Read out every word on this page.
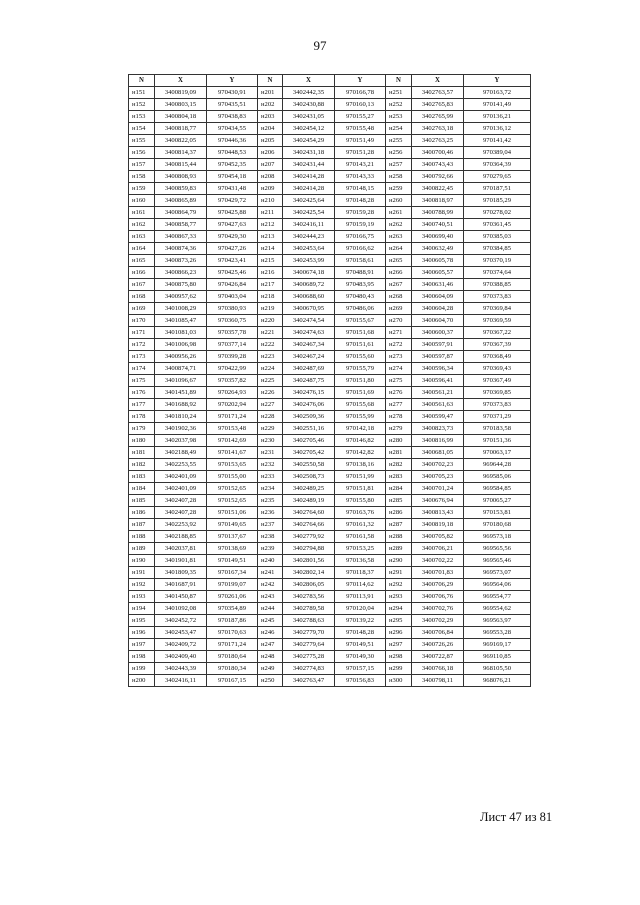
97
N	X	Y	N	X	Y	N	X	Y
н151	3400819,09	970430,91	н201	3402442,35	970166,78	н251	3402763,57	970163,72
н152	3400803,15	970435,51	н202	3402430,88	970160,13	н252	3402765,83	970141,49
н153	3400804,18	970438,83	н203	3402431,05	970155,27	н253	3402765,99	970136,21
н154	3400818,77	970434,55	н204	3402454,12	970155,48	н254	3402763,18	970136,12
н155	3400822,05	970446,36	н205	3402454,29	970151,49	н255	3402763,25	970141,42
н156	3400814,37	970448,53	н206	3402431,18	970151,28	н256	3400700,46	970389,04
н157	3400815,44	970452,35	н207	3402431,44	970143,21	н257	3400743,43	970364,39
н158	3400808,93	970454,18	н208	3402414,28	970143,33	н258	3400792,66	970279,65
н159	3400859,83	970431,48	н209	3402414,28	970148,15	н259	3400822,45	970187,51
н160	3400865,89	970429,72	н210	3402425,64	970148,28	н260	3400818,97	970185,29
н161	3400864,79	970425,88	н211	3402425,54	970159,28	н261	3400788,99	970278,02
н162	3400858,77	970427,63	н212	3402416,11	970159,19	н262	3400740,51	970361,45
н163	3400867,33	970429,30	н213	3402444,23	970166,75	н263	3400699,40	970385,03
н164	3400874,36	970427,26	н214	3402453,64	970166,62	н264	3400632,49	970384,85
н165	3400873,26	970423,41	н215	3402453,99	970158,61	н265	3400605,78	970370,19
н166	3400866,23	970425,46	н216	3400674,18	970488,91	н266	3400605,57	970374,64
н167	3400875,80	970426,84	н217	3400689,72	970483,95	н267	3400631,46	970388,85
н168	3400957,62	970403,04	н218	3400688,60	970480,43	н268	3400604,09	970373,83
н169	3401008,29	970380,93	н219	3400670,95	970486,06	н269	3400604,28	970369,84
н170	3401085,47	970360,75	н220	3402474,54	970155,67	н270	3400604,70	970369,59
н171	3401081,03	970357,78	н221	3402474,63	970151,68	н271	3400600,37	970367,22
н172	3401006,98	970377,14	н222	3402467,34	970151,61	н272	3400597,91	970367,39
н173	3400956,26	970399,28	н223	3402467,24	970155,60	н273	3400597,87	970368,49
н174	3400874,71	970422,99	н224	3402487,69	970155,79	н274	3400596,34	970369,43
н175	3401096,67	970357,82	н225	3402487,75	970151,80	н275	3400596,41	970367,49
н176	3401451,89	970264,93	н226	3402476,15	970151,69	н276	3400561,21	970369,85
н177	3401688,92	970202,94	н227	3402476,06	970155,68	н277	3400561,63	970373,83
н178	3401810,24	970171,24	н228	3402509,36	970155,99	н278	3400599,47	970371,29
н179	3401902,36	970153,48	н229	3402551,16	970142,18	н279	3400823,73	970183,58
н180	3402037,98	970142,69	н230	3402705,46	970146,82	н280	3400816,99	970151,36
н181	3402188,49	970141,67	н231	3402705,42	970142,82	н281	3400681,05	970063,17
н182	3402253,55	970153,65	н232	3402550,58	970138,16	н282	3400702,23	969644,28
н183	3402401,09	970155,00	н233	3402508,73	970151,99	н283	3400705,23	969585,06
н184	3402401,09	970152,65	н234	3402489,25	970151,81	н284	3400701,24	969584,85
н185	3402407,28	970152,65	н235	3402489,19	970155,80	н285	3400676,94	970065,27
н186	3402407,28	970151,06	н236	3402764,60	970163,76	н286	3400813,43	970153,81
н187	3402253,92	970149,65	н237	3402764,66	970161,32	н287	3400819,18	970180,68
н188	3402188,85	970137,67	н238	3402779,92	970161,58	н288	3400705,82	969573,18
н189	3402037,81	970138,69	н239	3402794,88	970153,25	н289	3400706,21	969565,56
н190	3401901,81	970149,51	н240	3402801,56	970136,58	н290	3400702,22	969565,46
н191	3401809,35	970167,34	н241	3402802,14	970118,37	н291	3400701,83	969573,07
н192	3401687,91	970199,07	н242	3402806,05	970114,62	н292	3400706,29	969564,06
н193	3401450,87	970261,06	н243	3402783,56	970113,91	н293	3400706,76	969554,77
н194	3401092,08	970354,89	н244	3402789,58	970120,04	н294	3400702,76	969554,62
н195	3402452,72	970187,86	н245	3402788,63	970139,22	н295	3400702,29	969563,97
н196	3402453,47	970170,63	н246	3402779,70	970148,28	н296	3400706,84	969553,28
н197	3402409,72	970171,24	н247	3402779,64	970149,51	н297	3400726,26	969169,17
н198	3402409,40	970180,64	н248	3402775,28	970149,30	н298	3400722,87	969110,85
н199	3402443,39	970180,34	н249	3402774,83	970157,15	н299	3400766,18	968105,50
н200	3402416,11	970167,15	н250	3402763,47	970156,83	н300	3400798,11	968076,21
Лист 47 из 81
